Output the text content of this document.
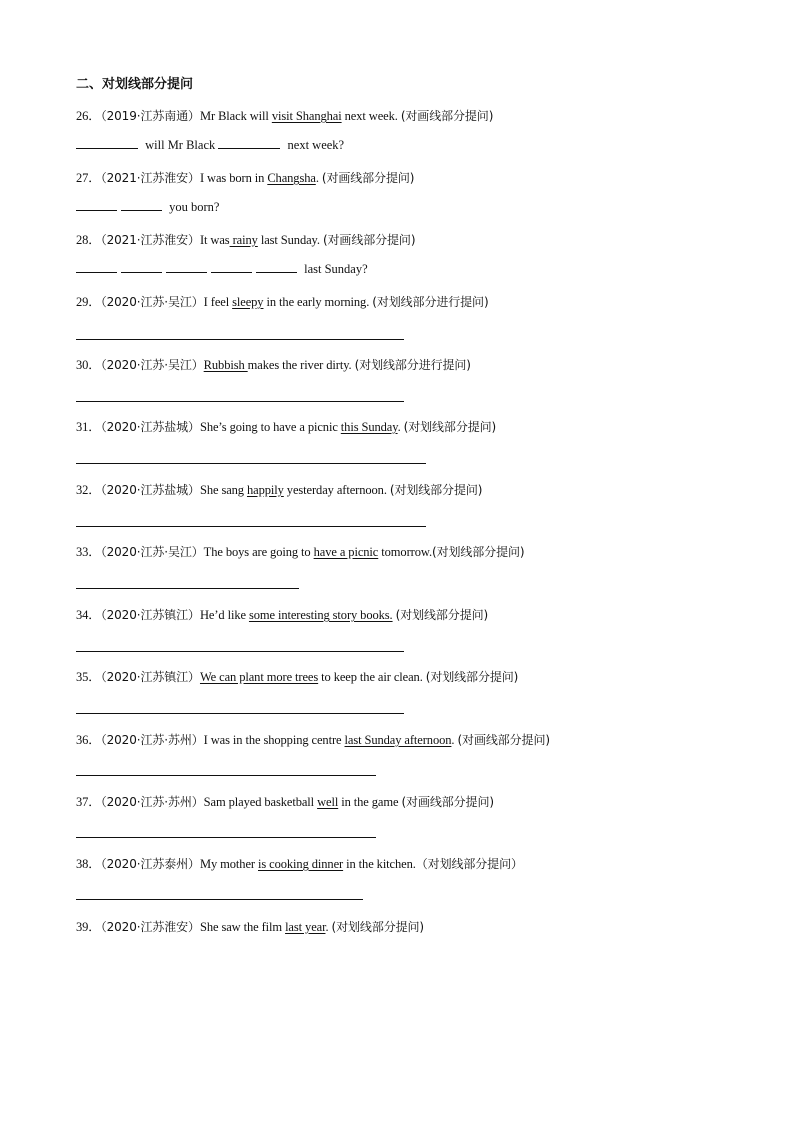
二、对划线部分提问
26．（2019·江苏南通）Mr Black will visit Shanghai next week. (对画线部分提问)
will Mr Black	next week?
27．（2021·江苏淮安）I was born in Changsha. (对画线部分提问)
you born?
28．（2021·江苏淮安）It was rainy last Sunday. (对画线部分提问)
last Sunday?
29．（2020·江苏·吴江）I feel sleepy in the early morning. (对划线部分进行提问)
30．（2020·江苏·吴江）Rubbish makes the river dirty. (对划线部分进行提问)
31．（2020·江苏盐城）She’s going to have a picnic this Sunday. (对划线部分提问)
32．（2020·江苏盐城）She sang happily yesterday afternoon. (对划线部分提问)
33．（2020·江苏·吴江）The boys are going to have a picnic tomorrow.(对划线部分提问)
34．（2020·江苏镇江）He’d like some interesting story books. (对划线部分提问)
35．（2020·江苏镇江）We can plant more trees to keep the air clean. (对划线部分提问)
36．（2020·江苏·苏州）I was in the shopping centre last Sunday afternoon. (对画线部分提问)
37．（2020·江苏·苏州）Sam played basketball well in the game (对画线部分提问)
38．（2020·江苏泰州）My mother is cooking dinner in the kitchen.（对划线部分提问）
39．（2020·江苏淮安）She saw the film last year. (对划线部分提问)
